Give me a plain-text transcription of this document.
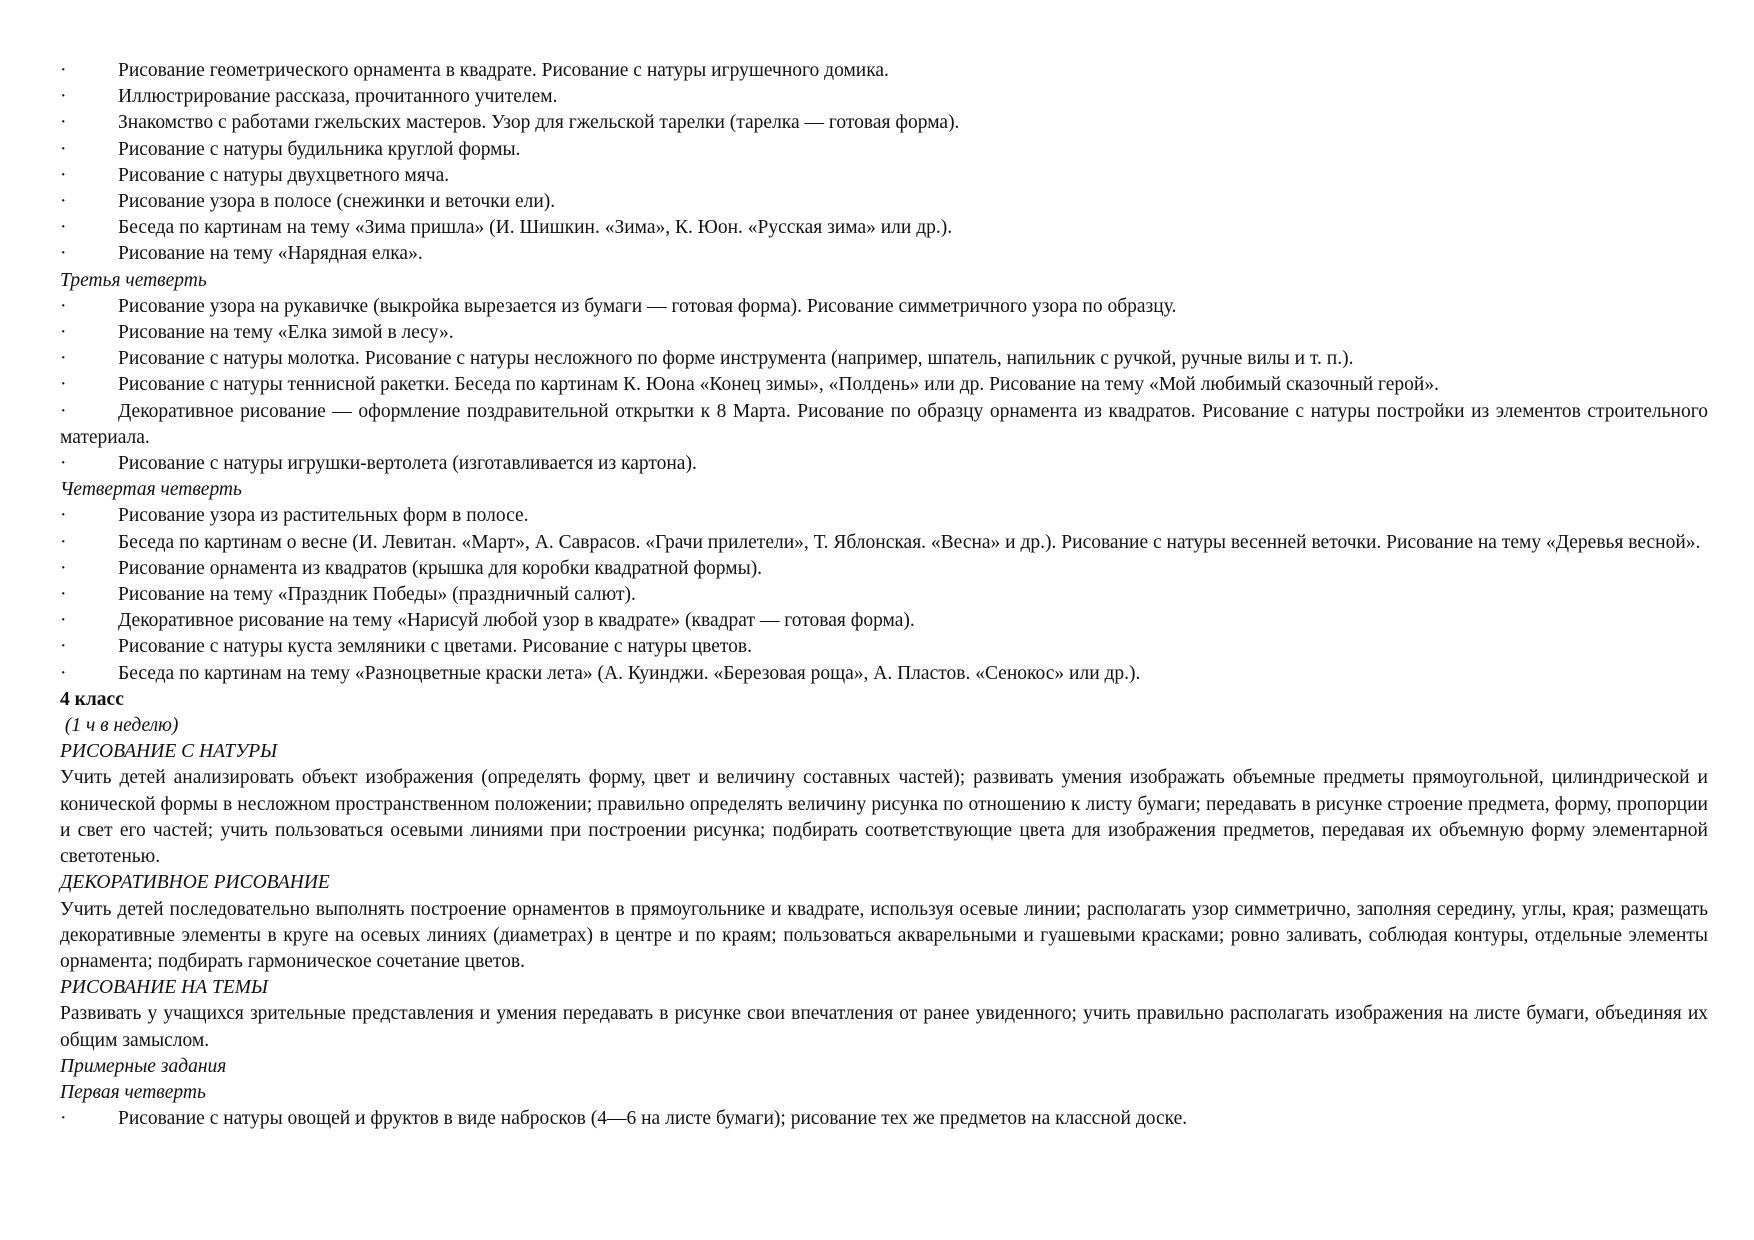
·	Рисование геометрического орнамента в квадрате. Рисование с натуры игрушечного домика.
·	Иллюстрирование рассказа, прочитанного учителем.
·	Знакомство с работами гжельских мастеров. Узор для гжельской тарелки (тарелка — готовая форма).
·	Рисование с натуры будильника круглой формы.
·	Рисование с натуры двухцветного мяча.
·	Рисование узора в полосе (снежинки и веточки ели).
·	Беседа по картинам на тему «Зима пришла» (И. Шишкин. «Зима», К. Юон. «Русская зима» или др.).
·	Рисование на тему «Нарядная елка».
Третья четверть
·	Рисование узора на рукавичке (выкройка вырезается из бумаги — готовая форма). Рисование симметричного узора по образцу.
·	Рисование на тему «Елка зимой в лесу».
·	Рисование с натуры молотка. Рисование с натуры несложного по форме инструмента (например, шпатель, напильник с ручкой, ручные вилы и т. п.).
·	Рисование с натуры теннисной ракетки. Беседа по картинам К. Юона «Конец зимы», «Полдень» или др. Рисование на тему «Мой любимый сказочный герой».
·	Декоративное рисование — оформление поздравительной открытки к 8 Марта. Рисование по образцу орнамента из квадратов. Рисование с натуры постройки из элементов строительного материала.
·	Рисование с натуры игрушки-вертолета (изготавливается из картона).
Четвертая четверть
·	Рисование узора из растительных форм в полосе.
·	Беседа по картинам о весне (И. Левитан. «Март», А. Саврасов. «Грачи прилетели», Т. Яблонская. «Весна» и др.). Рисование с натуры весенней веточки. Рисование на тему «Деревья весной».
·	Рисование орнамента из квадратов (крышка для коробки квадратной формы).
·	Рисование на тему «Праздник Победы» (праздничный салют).
·	Декоративное рисование на тему «Нарисуй любой узор в квадрате» (квадрат — готовая форма).
·	Рисование с натуры куста земляники с цветами. Рисование с натуры цветов.
·	Беседа по картинам на тему «Разноцветные краски лета» (А. Куинджи. «Березовая роща», А. Пластов. «Сенокос» или др.).
4 класс
(1 ч в неделю)
РИСОВАНИЕ С НАТУРЫ
Учить детей анализировать объект изображения (определять форму, цвет и величину составных частей); развивать умения изображать объемные предметы прямоугольной, цилиндрической и конической формы в несложном пространственном положении; правильно определять величину рисунка по отношению к листу бумаги; передавать в рисунке строение предмета, форму, пропорции и свет его частей; учить пользоваться осевыми линиями при построении рисунка; подбирать соответствующие цвета для изображения предметов, передавая их объемную форму элементарной светотенью.
ДЕКОРАТИВНОЕ РИСОВАНИЕ
Учить детей последовательно выполнять построение орнаментов в прямоугольнике и квадрате, используя осевые линии; располагать узор симметрично, заполняя середину, углы, края; размещать декоративные элементы в круге на осевых линиях (диаметрах) в центре и по краям; пользоваться акварельными и гуашевыми красками; ровно заливать, соблюдая контуры, отдельные элементы орнамента; подбирать гармоническое сочетание цветов.
РИСОВАНИЕ НА ТЕМЫ
Развивать у учащихся зрительные представления и умения передавать в рисунке свои впечатления от ранее увиденного; учить правильно располагать изображения на листе бумаги, объединяя их общим замыслом.
Примерные задания
Первая четверть
·	Рисование с натуры овощей и фруктов в виде набросков (4—6 на листе бумаги); рисование тех же предметов на классной доске.
